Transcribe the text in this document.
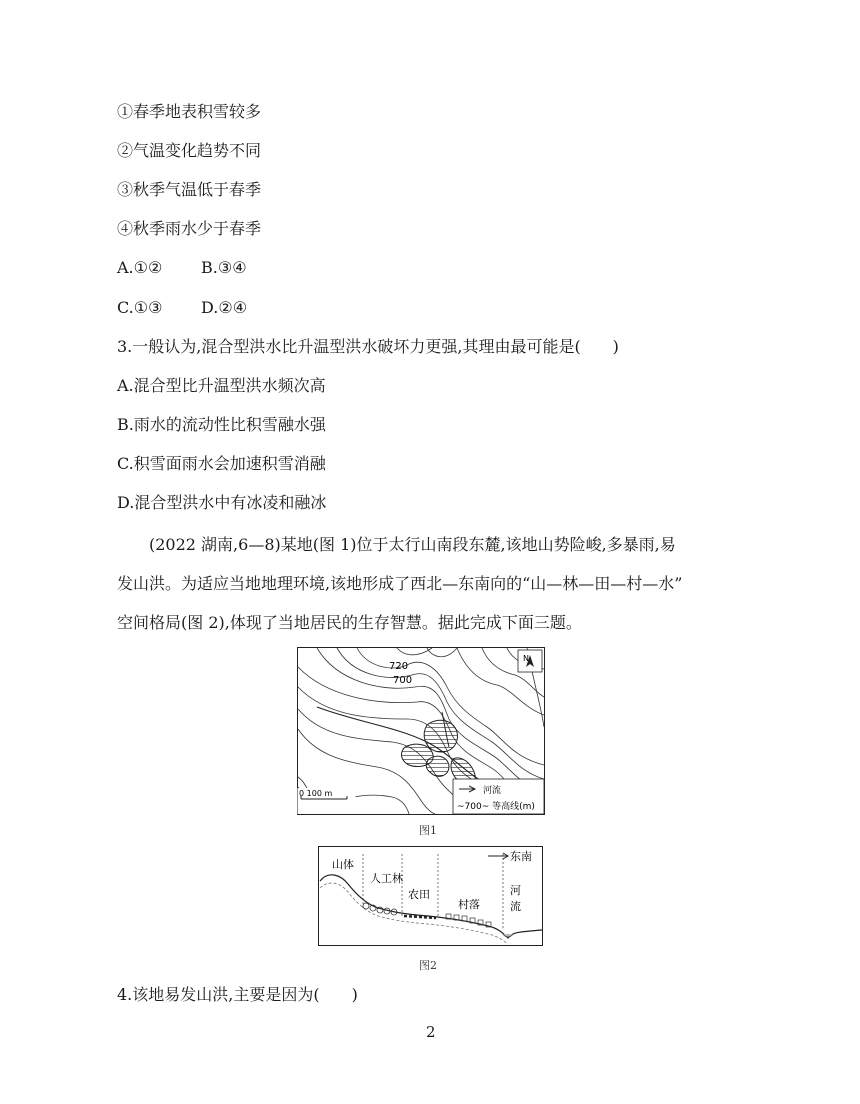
①春季地表积雪较多
②气温变化趋势不同
③秋季气温低于春季
④秋季雨水少于春季
A.①② B.③④
C.①③ D.②④
3.一般认为,混合型洪水比升温型洪水破坏力更强,其理由最可能是(　　)
A.混合型比升温型洪水频次高
B.雨水的流动性比积雪融水强
C.积雪面雨水会加速积雪消融
D.混合型洪水中有冰凌和融冰
(2022 湖南,6—8)某地(图 1)位于太行山南段东麓,该地山势险峻,多暴雨,易
发山洪。为适应当地地理环境,该地形成了西北—东南向的“山—林—田—村—水”
空间格局(图 2),体现了当地居民的生存智慧。据此完成下面三题。
N
720
700
0 100 m	河流
~700~ 等高线(m)
图1
东南
山体
人工林
农田
村落
河
流
图2
4.该地易发山洪,主要是因为(　　)
2
